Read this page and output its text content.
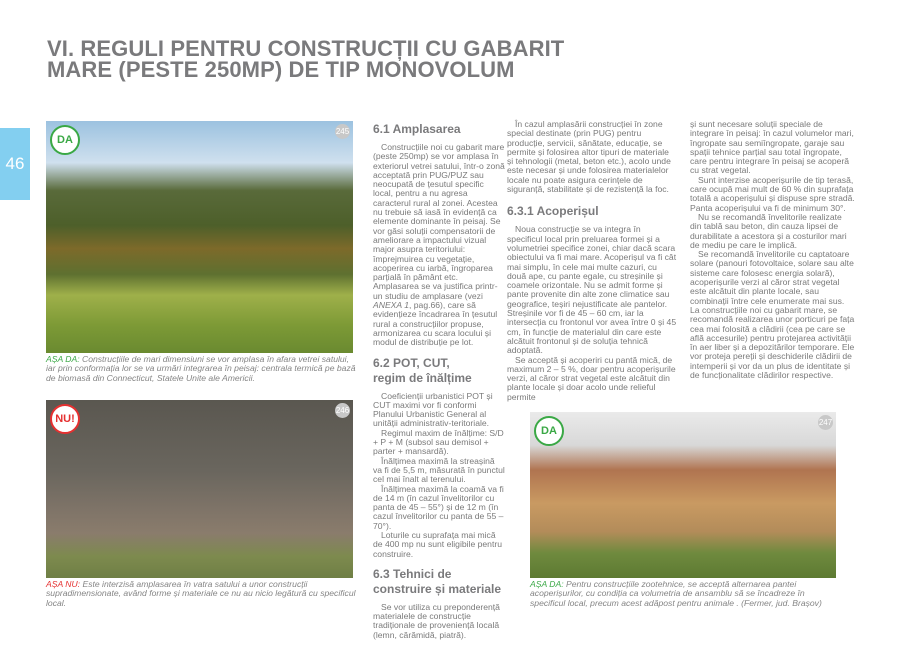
VI. REGULI PENTRU CONSTRUCȚII CU GABARIT
MARE (PESTE 250MP) DE TIP MONOVOLUM
46
DA
245
AȘA DA: Construcțiile de mari dimensiuni se vor amplasa în afara vetrei satului, iar prin conformația lor se va urmări integrarea în peisaj: centrala termică pe bază de biomasă din Connecticut, Statele Unite ale Americii.
NU!
246
AȘA NU: Este interzisă amplasarea în vatra satului a unor construcții supradimensionate, având forme și materiale ce nu au nicio legătură cu specificul local.
DA
247
AȘA DA: Pentru construcțiile zootehnice, se acceptă alternarea pantei acoperișurilor, cu condiția ca volumetria de ansamblu să se încadreze în specificul local, precum acest adăpost pentru animale . (Fermer, jud. Brașov)
6.1 Amplasarea

Construcțiile noi cu gabarit mare (peste 250mp) se vor amplasa în exteriorul vetrei satului, într-o zonă acceptată prin PUG/PUZ sau neocupată de țesutul specific local, pentru a nu agresa caracterul rural al zonei. Acestea nu trebuie să iasă în evidență ca elemente dominante în peisaj. Se vor găsi soluții compensatorii de ameliorare a impactului vizual major asupra teritoriului: împrejmuirea cu vegetație, acoperirea cu iarbă, îngroparea parțială în pământ etc. Amplasarea se va justifica printr-un studiu de amplasare (vezi ANEXA 1, pag.66), care să evidențieze încadrarea în țesutul rural a construcțiilor propuse, armonizarea cu scara locului și modul de distribuție pe lot.

6.2 POT, CUT,
regim de înălțime

Coeficienții urbanistici POT și CUT maximi vor fi conformi Planului Urbanistic General al unității administrativ-teritoriale.

Regimul maxim de înălțime: S/D + P + M (subsol sau demisol + parter + mansardă).

Înălțimea maximă la streașină va fi de 5,5 m, măsurată în punctul cel mai înalt al terenului.

Înălțimea maximă la coamă va fi de 14 m (în cazul învelitorilor cu panta de 45 – 55°) și de 12 m (în cazul învelitorilor cu panta de 55 – 70°).

Loturile cu suprafața mai mică de 400 mp nu sunt eligibile pentru construire.

6.3 Tehnici de
construire și materiale

Se vor utiliza cu preponderență materialele de construcție tradiționale de proveniență locală (lemn, cărămidă, piatră).

În cazul amplasării construcției în zone special destinate (prin PUG) pentru producție, servicii, sănătate, educație, se permite și folosirea altor tipuri de materiale și tehnologii (metal, beton etc.), acolo unde este necesar și unde folosirea materialelor locale nu poate asigura cerințele de siguranță, stabilitate și de rezistență la foc.

6.3.1 Acoperișul

Noua construcție se va integra în specificul local prin preluarea formei și a volumetriei specifice zonei, chiar dacă scara obiectului va fi mai mare. Acoperișul va fi cât mai simplu, în cele mai multe cazuri, cu două ape, cu pante egale, cu streșinile și coamele orizontale. Nu se admit forme și pante provenite din alte zone climatice sau geografice, teșiri nejustificate ale pantelor. Streșinile vor fi de 45 – 60 cm, iar la intersecția cu frontonul vor avea între 0 și 45 cm, în funcție de materialul din care este alcătuit frontonul și de soluția tehnică adoptată.

Se acceptă și acoperiri cu pantă mică, de maximum 2 – 5 %, doar pentru acoperișurile verzi, al căror strat vegetal este alcătuit din plante locale și doar acolo unde relieful permite

și sunt necesare soluții speciale de integrare în peisaj: în cazul volumelor mari, îngropate sau semiîngropate, garaje sau spații tehnice parțial sau total îngropate, care pentru integrare în peisaj se acoperă cu strat vegetal.

Sunt interzise acoperișurile de tip terasă, care ocupă mai mult de 60 % din suprafața totală a acoperișului și dispuse spre stradă. Panta acoperișului va fi de minimum 30°.

Nu se recomandă învelitorile realizate din tablă sau beton, din cauza lipsei de durabilitate a acestora și a costurilor mari de mediu pe care le implică.

Se recomandă învelitorile cu captatoare solare (panouri fotovoltaice, solare sau alte sisteme care folosesc energia solară), acoperișurile verzi al căror strat vegetal este alcătuit din plante locale, sau combinații între cele enumerate mai sus. La construcțiile noi cu gabarit mare, se recomandă realizarea unor porticuri pe fața cea mai folosită a clădirii (cea pe care se află accesurile) pentru protejarea activității în aer liber și a depozitărilor temporare. Ele vor proteja pereții și deschiderile clădirii de intemperii și vor da un plus de identitate și de funcționalitate clădirilor respective.
